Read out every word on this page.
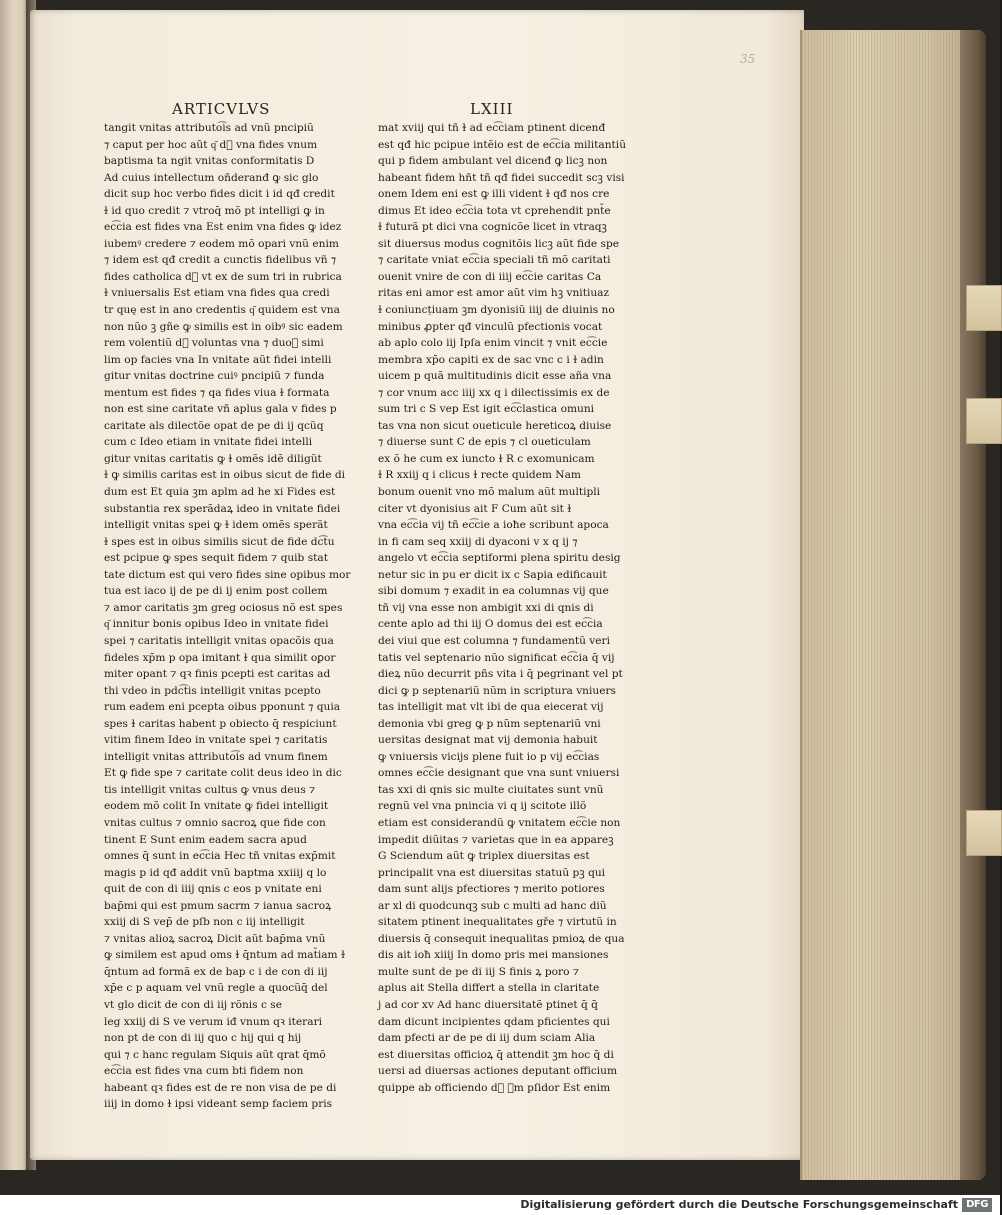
35
ARTICVLVS	LXIII
tangit vnitas attributo͡is ad vnũ pncipiũ
⁊ caput per hoc aũt q͂ dᷣ vna fides vnum
baptisma ta ngit vnitas conformitatis D
Ad cuius intellectum oñderanđ ꝙ sic glo
dicit sup hoc verbo fides dicit i id qđ credit
ɫ id quo credit ⁊ vtroq̄ mõ pt intelligi ꝙ in
ec͡cia est fides vna Est enim vna fides ꝙ idez
iubemꝰ credere ⁊ eodem mõ opari vnũ enim
⁊ idem est qđ credit a cunctis fidelibus vñ ⁊
fides catholica dᷣ vt ex de sum tri in rubrica
ɫ vniuersalis Est etiam vna fides qua credi
tr quę est in ano credentis q͂ quidem est vna
non nũo ꝫ gñe ꝙ similis est in oibꝰ sic eadem
rem volentiũ dᷣ voluntas vna ⁊ duoꝝ simi
lim op facies vna In vnitate aũt fidei intelli
gitur vnitas doctrine cuiꝰ pncipiũ ⁊ funda
mentum est fides ⁊ qa fides viua ɫ formata
non est sine caritate vñ aplus gala v fides p
caritate als dilectõe opat de pe di ij qcũq
cum c Ideo etiam in vnitate fidei intelli
gitur vnitas caritatis ꝙ ɫ omẽs idẽ diligũt
ɫ ꝙ similis caritas est in oibus sicut de fide di
dum est Et quia ꝫm aplm ad he xi Fides est
substantia rex sperãdaꝝ ideo in vnitate fidei
intelligit vnitas spei ꝙ ɫ idem omẽs sperãt
ɫ spes est in oibus similis sicut de fide dc͡tu
est pcipue ꝙ spes sequit fidem ⁊ quib stat
tate dictum est qui vero fides sine opibus mor
tua est iaco ij de pe di ij enim post collem
⁊ amor caritatis ꝫm greg ociosus nõ est spes
q͂ innitur bonis opibus Ideo in vnitate fidei
spei ⁊ caritatis intelligit vnitas opacõis qua
fideles xp̄m p opa imitant ɫ qua similit oꝑor
miter opant ⁊ qꝛ finis pcepti est caritas ad
thi vdeo in pdc͡tis intelligit vnitas pcepto
rum eadem eni pcepta oibus pponunt ⁊ quia
spes ɫ caritas habent p obiecto q̄ respiciunt
vitim finem Ideo in vnitate spei ⁊ caritatis
intelligit vnitas attributo͡is ad vnum finem
Et ꝙ fide spe ⁊ caritate colit deus ideo in dic
tis intelligit vnitas cultus ꝙ vnus deus ⁊
eodem mõ colit In vnitate ꝙ fidei intelligit
vnitas cultus ⁊ omnio sacroꝝ que fide con
tinent E Sunt enim eadem sacra apud
omnes q̄ sunt in ec͡cia Hec tñ vnitas exp̄mit
magis p id qđ addit vnũ baptma xxiiij q lo
quit de con di iiij qnis c eos p vnitate eni
bap̄mi qui est pmum sacrm ⁊ ianua sacroꝝ
xxiij di S vep̄ de pſb non c iij intelligit
⁊ vnitas alioꝝ sacroꝝ Dicit aũt bap̄ma vnũ
ꝙ similem est apud oms ɫ q̄ntum ad mat̄iam ɫ
q̄ntum ad formã ex de bap c i de con di iij
xp̄e c p aquam vel vnũ regle a quocũq̄ del
vt glo dicit de con di iij rõnis c se
leg xxiij di S ve verum iđ vnum qꝛ iterari
non pt de con di iij quo c hij qui q hij
qui ⁊ c hanc regulam Siquis aũt qrat q̄mõ
ec͡cia est fides vna cum bti fidem non
habeant qꝛ fides est de re non visa de pe di
iiij in domo ɫ ipsi videant semp faciem pris
mat xviij qui tñ ɫ ad ec͡ciam ptinent dicenđ
est qđ hic pcipue intẽio est de ec͡cia militantiũ
qui p fidem ambulant vel dicenđ ꝙ licꝫ non
habeant fidem hñt tñ qđ fidei succedit scꝫ visi
onem Idem eni est ꝙ illi vident ɫ qđ nos cre
dimus Et ideo ec͡cia tota vt cprehendit pnt̄e
ɫ futurã pt dici vna cognicõe licet in vtraqꝫ
sit diuersus modus cognitõis licꝫ aũt fide spe
⁊ caritate vniat ec͡cia speciali tñ mõ caritati
ouenit vnire de con di iiij ec͡cie caritas Ca
ritas eni amor est amor aũt vim hꝫ vnitiuaz
ɫ coniuncțiuam ꝫm dyonisiũ iiij de diuinis no
minibus ꝓpter qđ vinculũ pfectionis vocat
ab aplo colo iij Ipſa enim vincit ⁊ vnit ec͡cie
membra xp̄o capiti ex de sac vnc c i ɫ adin
uicem p quã multitudinis dicit esse aña vna
⁊ cor vnum acc iiij xx q i dilectissimis ex de
sum tri c S vep Est igit ec͡clastica omuni
tas vna non sicut oueticule hereticoꝝ diuise
⁊ diuerse sunt C de epis ⁊ cl oueticulam
ex õ he cum ex iuncto ɫ R c exomunicam
ɫ R xxiij q i clicus ɫ recte quidem Nam
bonum ouenit vno mõ malum aũt multipli
citer vt dyonisius ait F Cum aũt sit ɫ
vna ec͡cia vij tñ ec͡cie a ioħe scribunt apoca
in fi cam seq xxiij di dyaconi v x q ij ⁊
angelo vt ec͡cia septiformi plena spiritu desig
netur sic in pu er dicit ix c Sapia edificauit
sibi domum ⁊ exadit in ea columnas vij que
tñ vij vna esse non ambigit xxi di qnis di
cente aplo ad thi iij O domus dei est ec͡cia
dei viui que est columna ⁊ fundamentũ veri
tatis vel septenario nũo significat ec͡cia q̄ vij
dieꝝ nũo decurrit pñs vita i q̄ pegrinant vel pt
dici ꝙ p septenariũ nũm in scriptura vniuers
tas intelligit mat vlt ibi de qua eiecerat vij
demonia vbi greg ꝙ p nũm septenariũ vni
uersitas designat mat vij demonia habuit
ꝙ vniuersis vicijs plene fuit io p vij ec͡cias
omnes ec͡cie designant que vna sunt vniuersi
tas xxi di qnis sic multe ciuitates sunt vnũ
regnũ vel vna pnincia vi q ij scitote illõ
etiam est considerandũ ꝙ vnitatem ec͡cie non
impedit diũitas ⁊ varietas que in ea appareꝫ
G Sciendum aũt ꝙ triplex diuersitas est
principalit vna est diuersitas statuũ pꝫ qui
dam sunt alijs pfectiores ⁊ merito potiores
ar xl di quodcunqꝫ sub c multi ad hanc diũ
sitatem ptinent inequalitates gře ⁊ virtutũ in
diuersis q̄ consequit inequalitas pmioꝝ de qua
dis ait ioħ xiiij In domo pris mei mansiones
multe sunt de pe di iij S finis ꝝ poro ⁊
aplus ait Stella differt a stella in claritate
j ad cor xv Ad hanc diuersitatẽ ptinet q̄ q̄
dam dicunt incipientes qdam pficientes qui
dam pfecti ar de pe di iij dum sciam Alia
est diuersitas officioꝝ q̄ attendit ꝫm hoc q̄ di
uersi ad diuersas actiones deputant officium
quippe ab officiendo dᷣ ꝫm pſidor Est enim
Digitalisierung gefördert durch die Deutsche Forschungsgemeinschaft DFG
